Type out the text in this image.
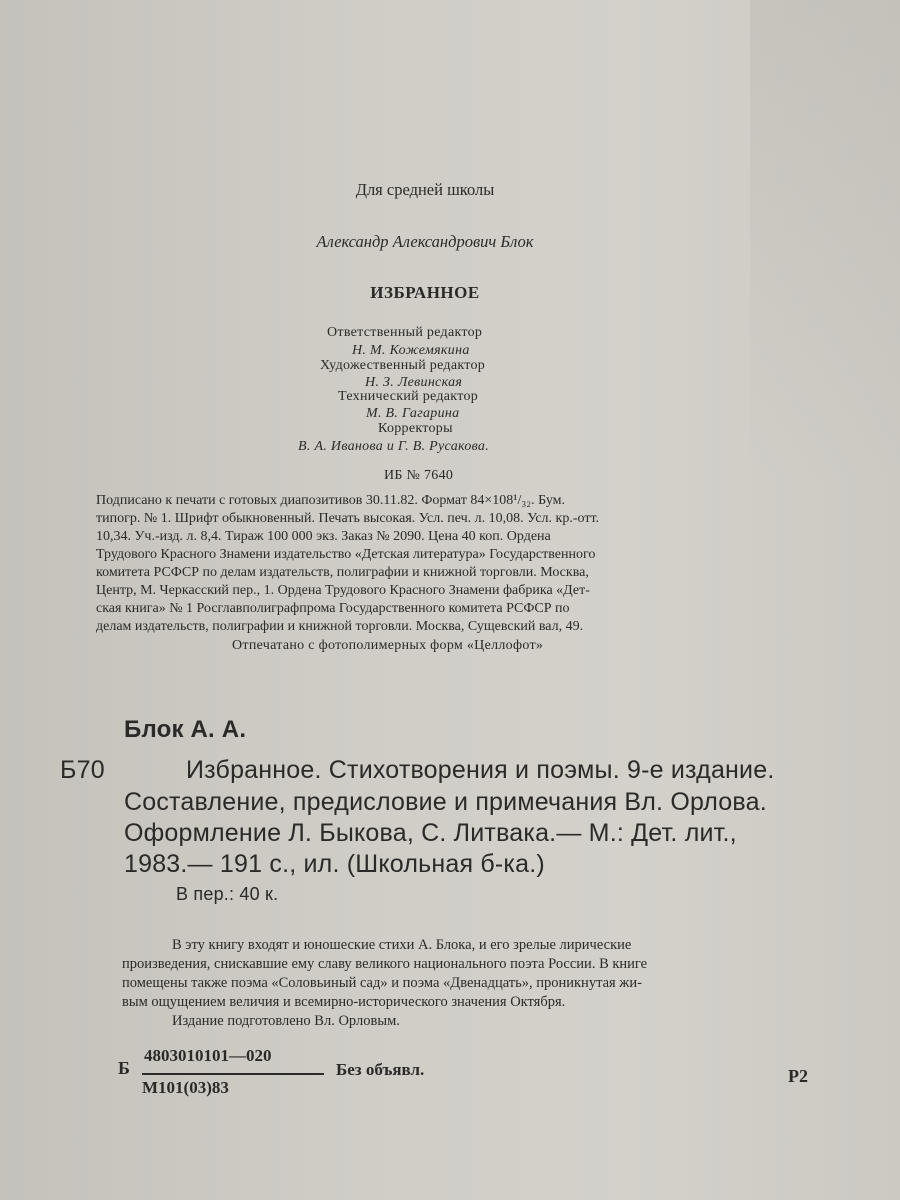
Для средней школы
Александр Александрович Блок
ИЗБРАННОЕ
Ответственный редактор
Н. М. Кожемякина
Художественный редактор
Н. З. Левинская
Технический редактор
М. В. Гагарина
Корректоры
В. А. Иванова и Г. В. Русакова.
ИБ № 7640
Подписано к печати с готовых диапозитивов 30.11.82. Формат 84×108¹/₃₂. Бум.
типогр. № 1. Шрифт обыкновенный. Печать высокая. Усл. печ. л. 10,08. Усл. кр.-отт.
10,34. Уч.-изд. л. 8,4. Тираж 100 000 экз. Заказ № 2090. Цена 40 коп. Ордена
Трудового Красного Знамени издательство «Детская литература» Государственного
комитета РСФСР по делам издательств, полиграфии и книжной торговли. Москва,
Центр, М. Черкасский пер., 1. Ордена Трудового Красного Знамени фабрика «Дет-
ская книга» № 1 Росглавполиграфпрома Государственного комитета РСФСР по
делам издательств, полиграфии и книжной торговли. Москва, Сущевский вал, 49.
Отпечатано с фотополимерных форм «Целлофот»
Блок А. А.
Б70	Избранное. Стихотворения и поэмы. 9-е издание.
Составление, предисловие и примечания Вл. Орлова.
Оформление Л. Быкова, С. Литвака.— М.: Дет. лит.,
1983.— 191 с., ил. (Школьная б-ка.)
В пер.: 40 к.
В эту книгу входят и юношеские стихи А. Блока, и его зрелые лирические
произведения, снискавшие ему славу великого национального поэта России. В книге
помещены также поэма «Соловьиный сад» и поэма «Двенадцать», проникнутая жи-
вым ощущением величия и всемирно-исторического значения Октября.
Издание подготовлено Вл. Орловым.
Б
4803010101—020
М101(03)83
Без объявл.	Р2
